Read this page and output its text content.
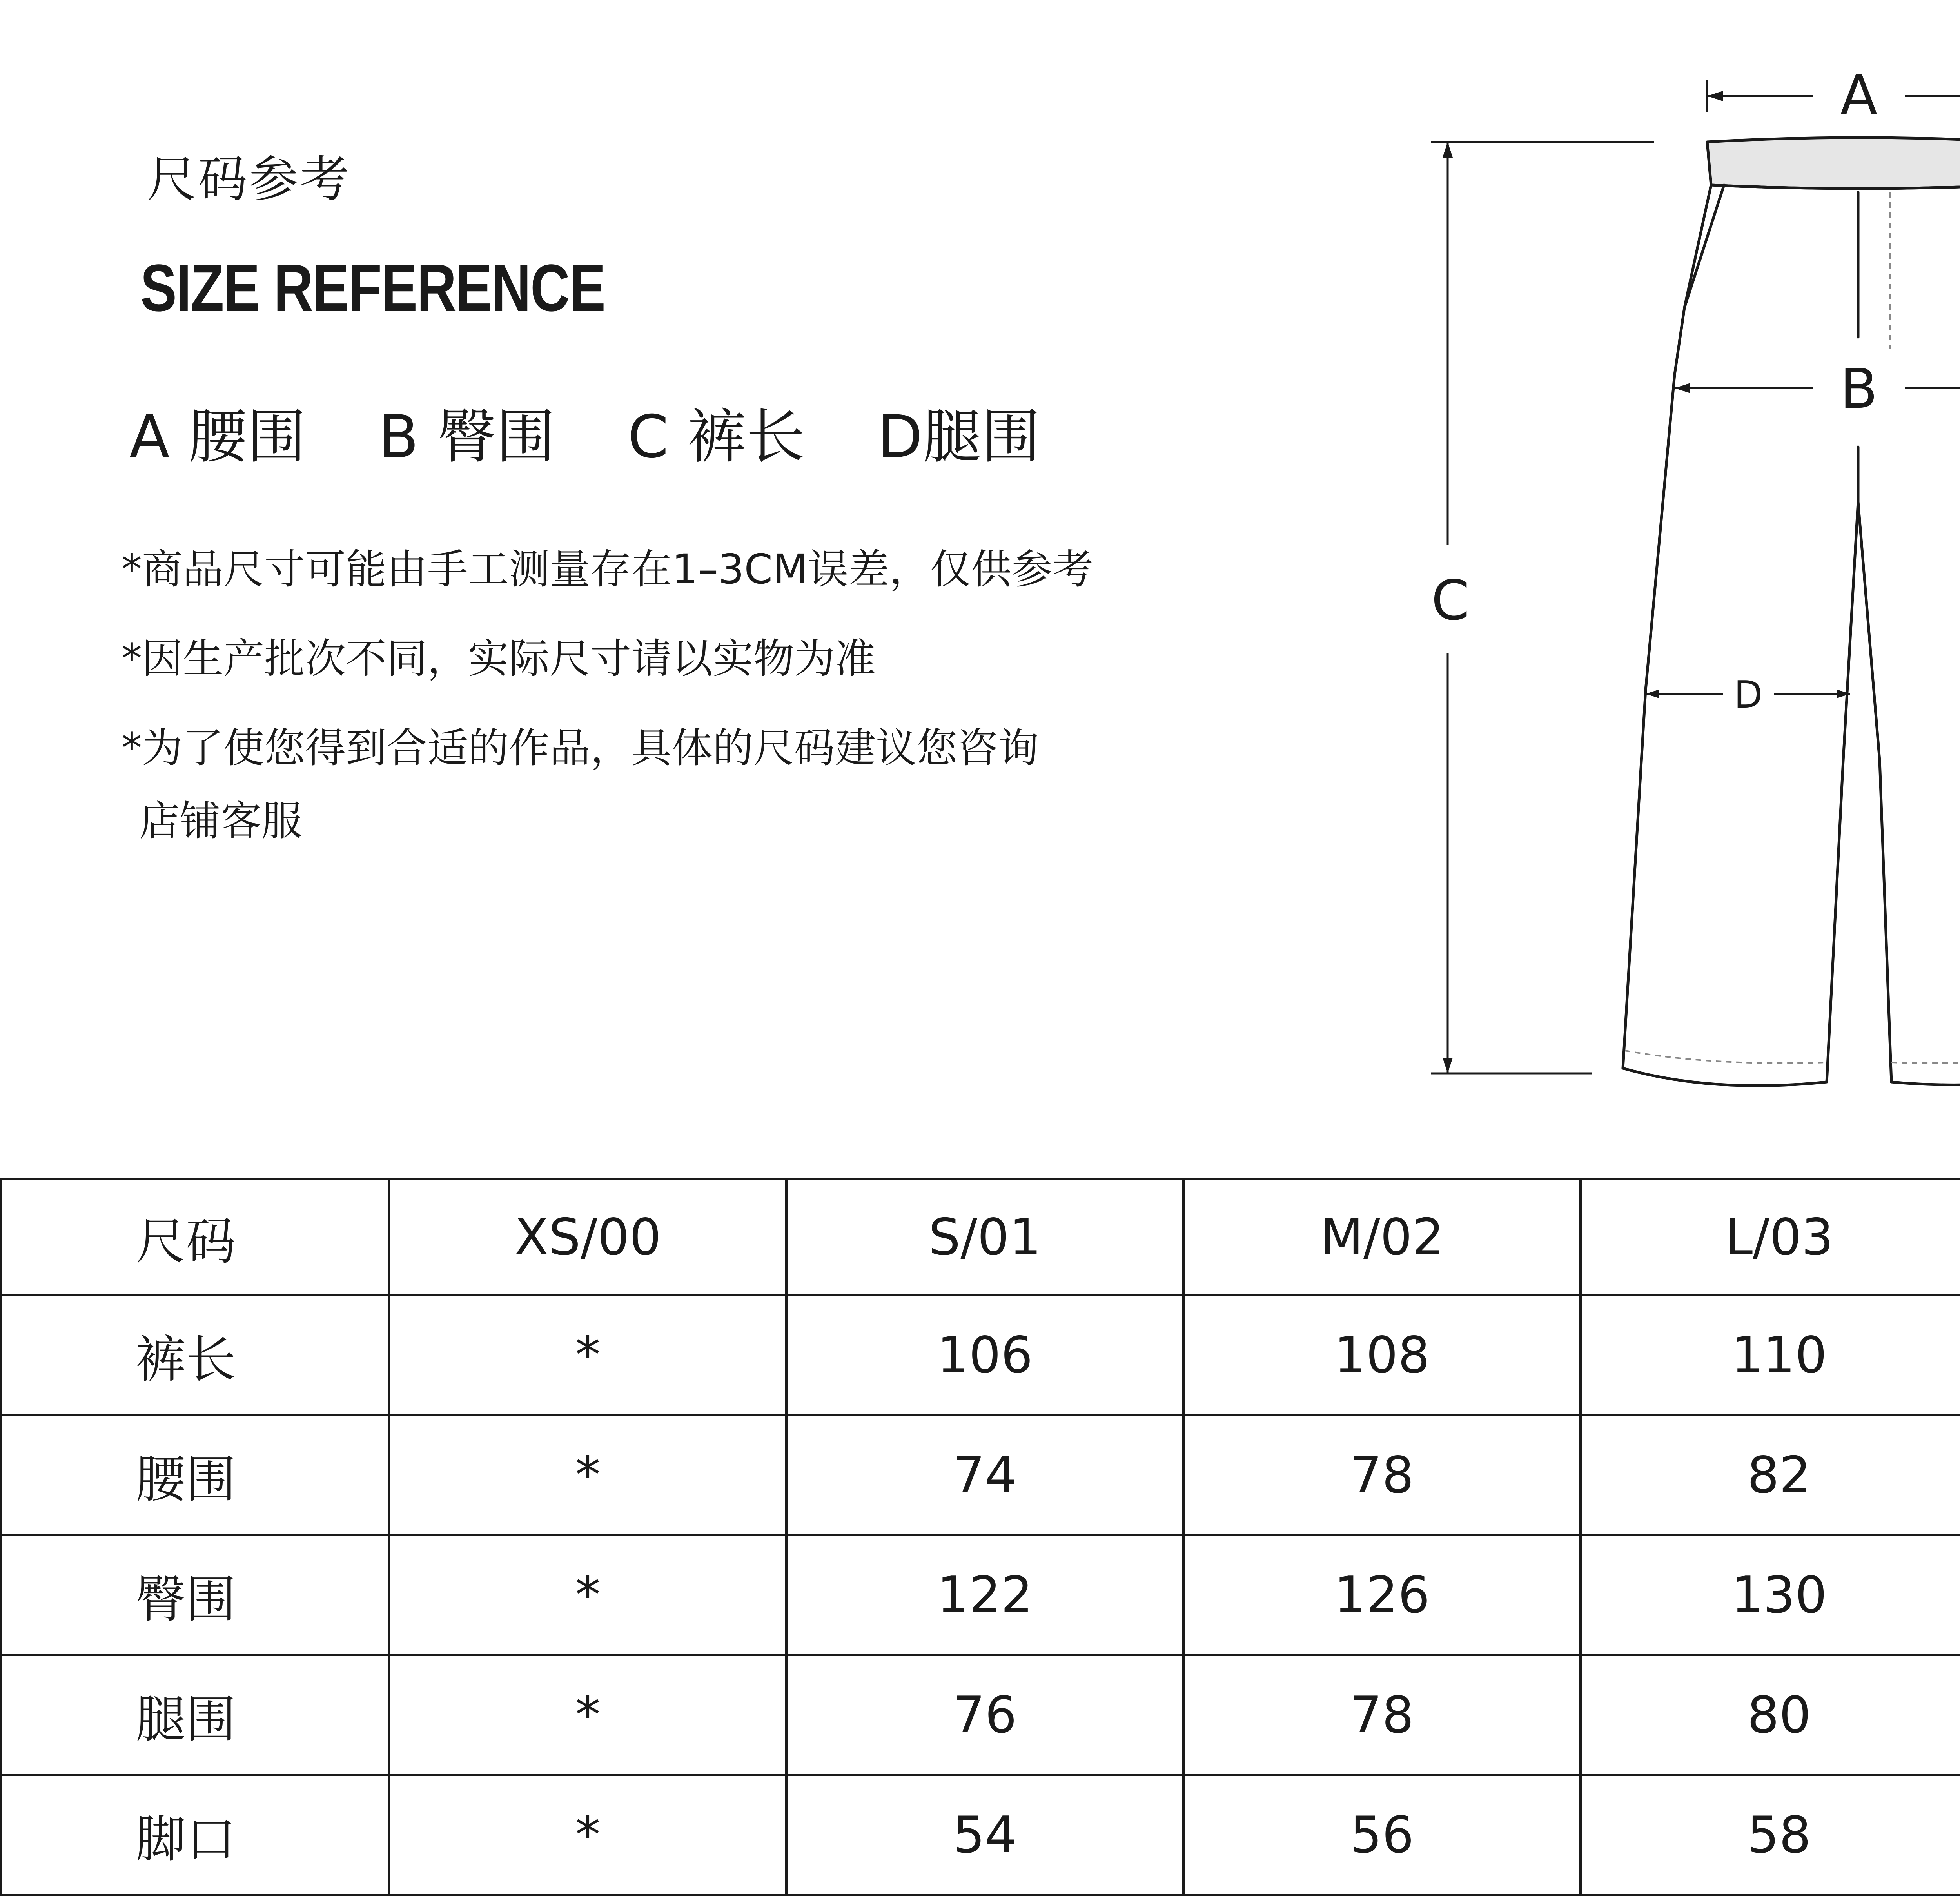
尺码参考
SIZE REFERENCE
A 腰围 B 臀围 C 裤长 D腿围
*商品尺寸可能由手工测量存在1–3CM误差，仅供参考
*因生产批次不同，实际尺寸请以实物为准
*为了使您得到合适的作品，具体的尺码建议您咨询
店铺客服
A
B
C
D
尺码	XS/00	S/01	M/02	L/03	
裤长	*	106	108	110	
腰围	*	74	78	82	
臀围	*	122	126	130	
腿围	*	76	78	80	
脚口	*	54	56	58	
